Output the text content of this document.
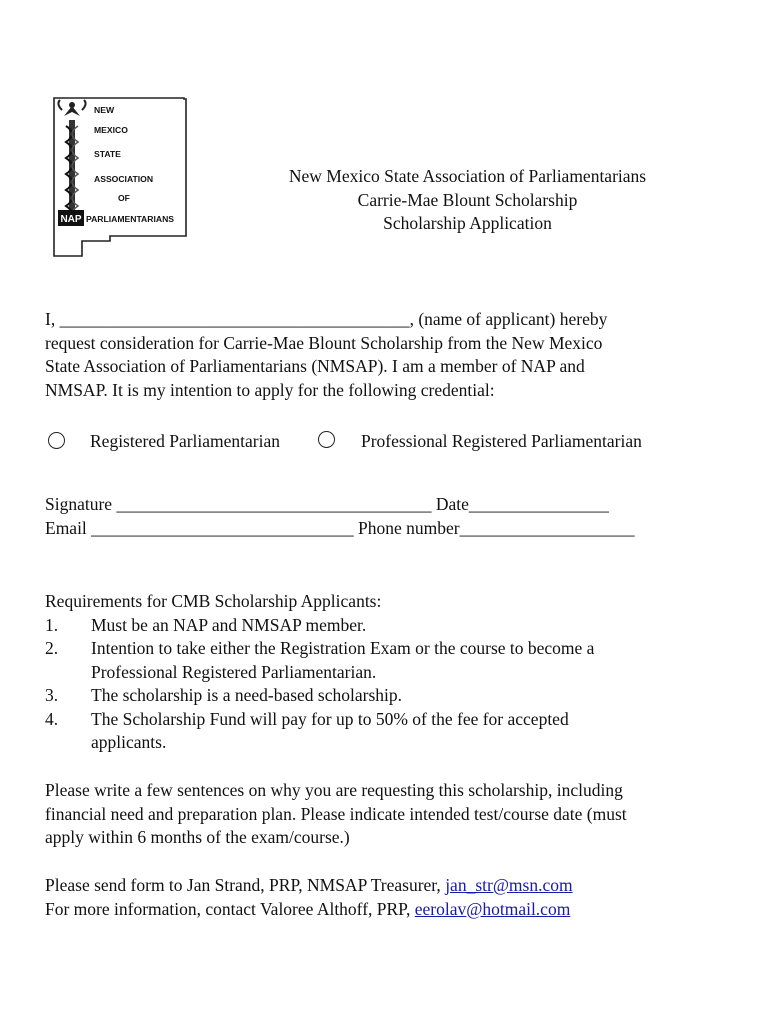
NAP
NEW
MEXICO
STATE
ASSOCIATION
OF
PARLIAMENTARIANS
New Mexico State Association of Parliamentarians
Carrie-Mae Blount Scholarship
Scholarship Application
I, ________________________________________, (name of applicant) hereby
request consideration for Carrie-Mae Blount Scholarship from the New Mexico
State Association of Parliamentarians (NMSAP). I am a member of NAP and
NMSAP. It is my intention to apply for the following credential:
Registered Parliamentarian	Professional Registered Parliamentarian
Signature ____________________________________ Date________________
Email ______________________________ Phone number____________________
Requirements for CMB Scholarship Applicants:
1.	Must be an NAP and NMSAP member.
2.	Intention to take either the Registration Exam or the course to become a
Professional Registered Parliamentarian.
3.	The scholarship is a need-based scholarship.
4.	The Scholarship Fund will pay for up to 50% of the fee for accepted
applicants.
Please write a few sentences on why you are requesting this scholarship, including
financial need and preparation plan. Please indicate intended test/course date (must
apply within 6 months of the exam/course.)
Please send form to Jan Strand, PRP, NMSAP Treasurer, jan_str@msn.com
For more information, contact Valoree Althoff, PRP, eerolav@hotmail.com
